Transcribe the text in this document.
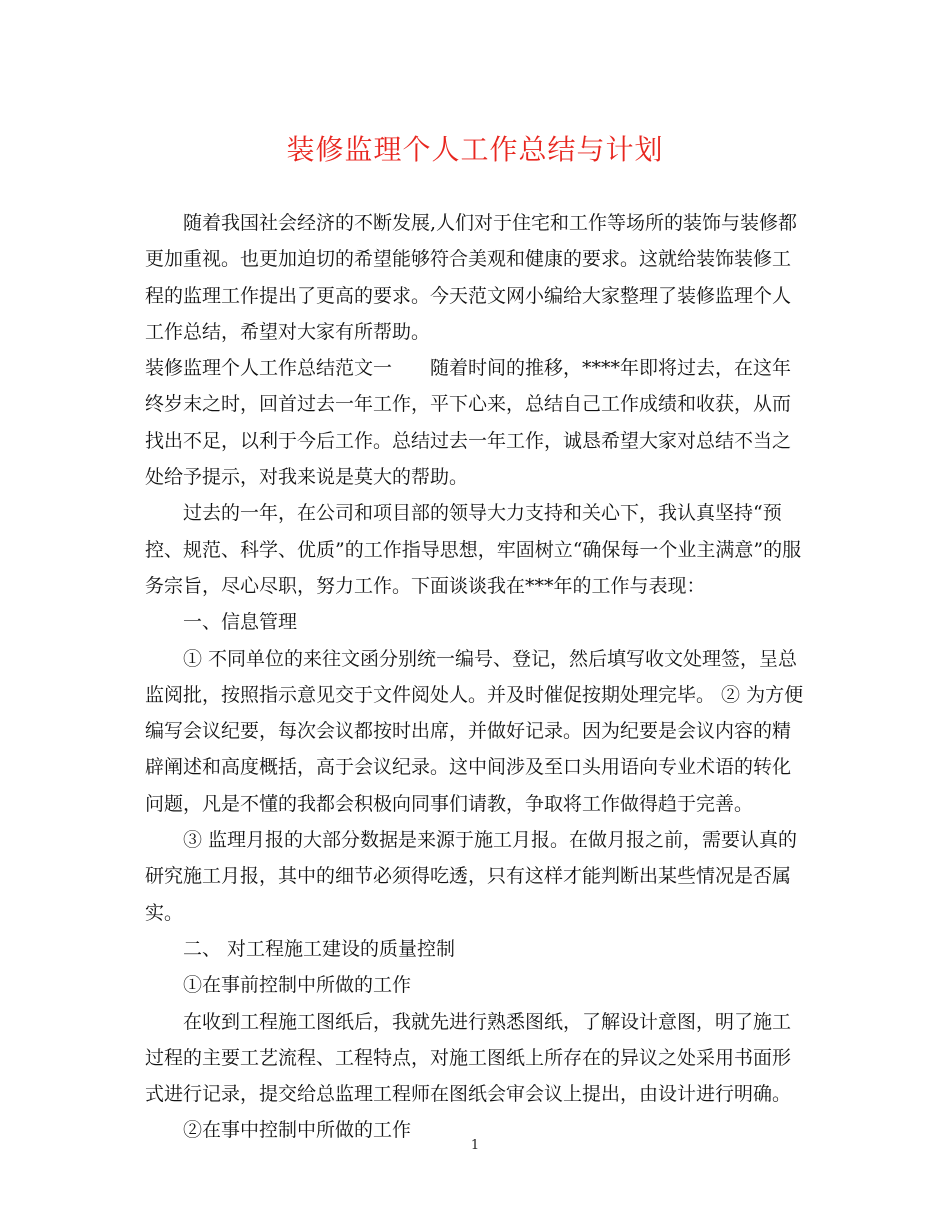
装修监理个人工作总结与计划

随着我国社会经济的不断发展,人们对于住宅和工作等场所的装饰与装修都更加重视。也更加迫切的希望能够符合美观和健康的要求。这就给装饰装修工程的监理工作提出了更高的要求。今天范文网小编给大家整理了装修监理个人工作总结，希望对大家有所帮助。

装修监理个人工作总结范文一　　随着时间的推移，****年即将过去，在这年终岁末之时，回首过去一年工作，平下心来，总结自己工作成绩和收获，从而找出不足，以利于今后工作。总结过去一年工作，诚恳希望大家对总结不当之处给予提示，对我来说是莫大的帮助。

过去的一年，在公司和项目部的领导大力支持和关心下，我认真坚持“预控、规范、科学、优质”的工作指导思想，牢固树立“确保每一个业主满意”的服务宗旨，尽心尽职，努力工作。下面谈谈我在***年的工作与表现：

一、信息管理

① 不同单位的来往文函分别统一编号、登记，然后填写收文处理签，呈总监阅批，按照指示意见交于文件阅处人。并及时催促按期处理完毕。 ② 为方便编写会议纪要，每次会议都按时出席，并做好记录。因为纪要是会议内容的精辟阐述和高度概括，高于会议纪录。这中间涉及至口头用语向专业术语的转化问题，凡是不懂的我都会积极向同事们请教，争取将工作做得趋于完善。

③ 监理月报的大部分数据是来源于施工月报。在做月报之前，需要认真的研究施工月报，其中的细节必须得吃透，只有这样才能判断出某些情况是否属实。

二、 对工程施工建设的质量控制

①在事前控制中所做的工作

在收到工程施工图纸后，我就先进行熟悉图纸，了解设计意图，明了施工过程的主要工艺流程、工程特点，对施工图纸上所存在的异议之处采用书面形式进行记录，提交给总监理工程师在图纸会审会议上提出，由设计进行明确。

②在事中控制中所做的工作

1
